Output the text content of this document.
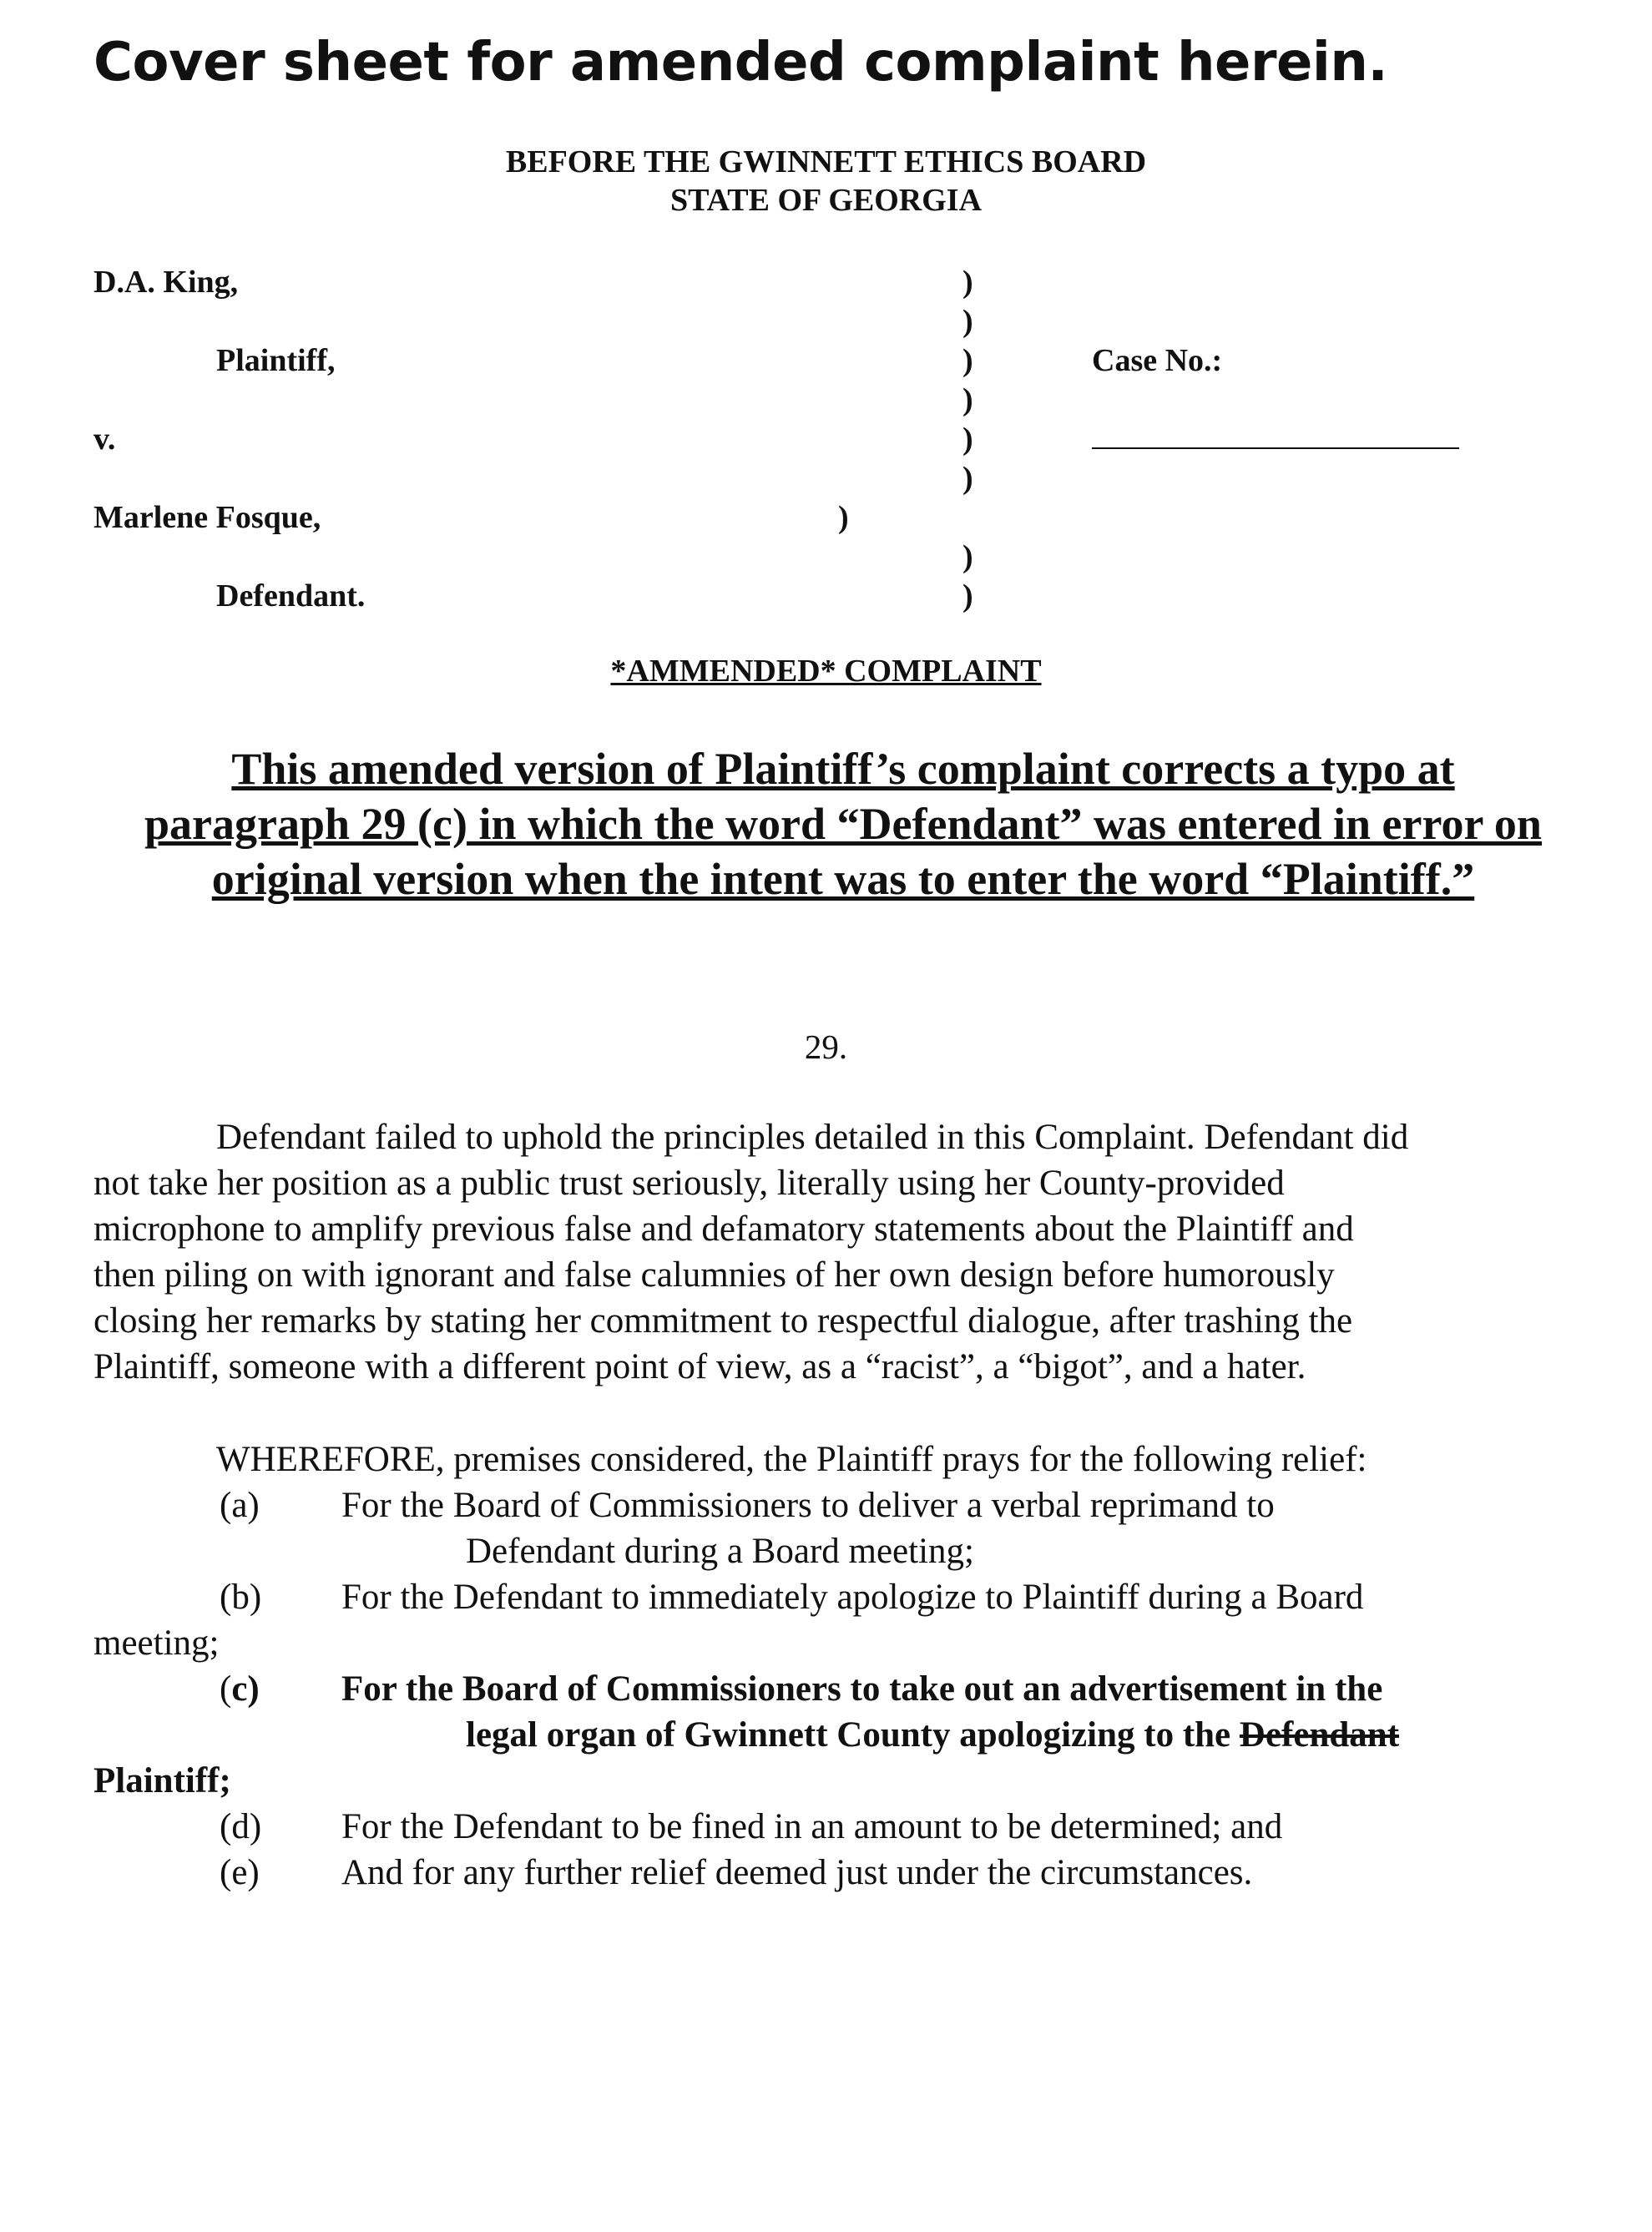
Cover sheet for amended complaint herein.
BEFORE THE GWINNETT ETHICS BOARD
STATE OF GEORGIA
D.A. King,
Plaintiff,
v.
Marlene Fosque,
Defendant.
)
)
)
)
)
)
)
)
)
Case No.:
*AMMENDED* COMPLAINT
This amended version of Plaintiff’s complaint corrects a typo at
paragraph 29 (c) in which the word “Defendant” was entered in error on
original version when the intent was to enter the word “Plaintiff.”
29.
Defendant failed to uphold the principles detailed in this Complaint. Defendant did
not take her position as a public trust seriously, literally using her County-provided
microphone to amplify previous false and defamatory statements about the Plaintiff and
then piling on with ignorant and false calumnies of her own design before humorously
closing her remarks by stating her commitment to respectful dialogue, after trashing the
Plaintiff, someone with a different point of view, as a “racist”, a “bigot”, and a hater.
WHEREFORE, premises considered, the Plaintiff prays for the following relief:
(a) For the Board of Commissioners to deliver a verbal reprimand to
Defendant during a Board meeting;
(b) For the Defendant to immediately apologize to Plaintiff during a Board
meeting;
(c) For the Board of Commissioners to take out an advertisement in the
legal organ of Gwinnett County apologizing to the Defendant
Plaintiff;
(d) For the Defendant to be fined in an amount to be determined; and
(e) And for any further relief deemed just under the circumstances.
